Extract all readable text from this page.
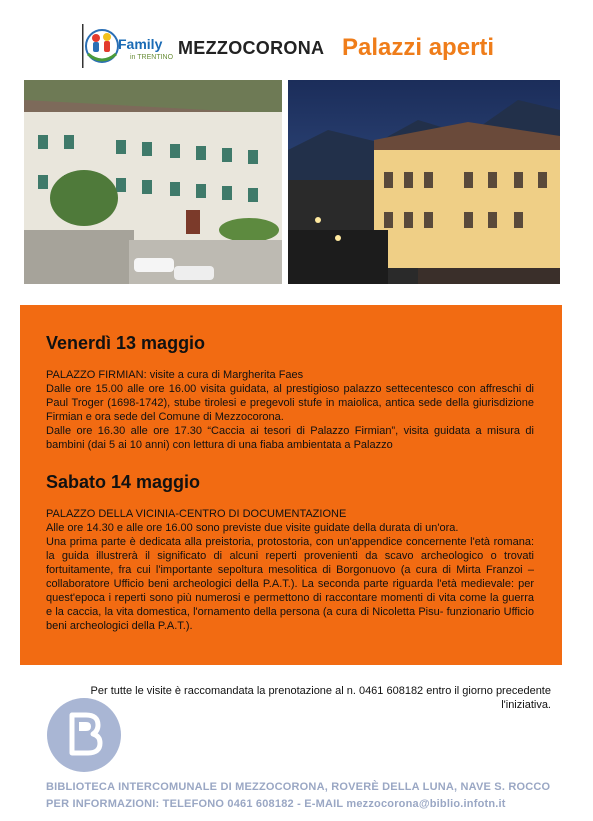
Family
in TRENTINO MEZZOCORONA Palazzi aperti

Venerdì 13 maggio

PALAZZO FIRMIAN: visite a cura di Margherita Faes

Dalle ore 15.00 alle ore 16.00 visita guidata, al prestigioso palazzo settecentesco con affreschi di Paul Troger (1698-1742), stube tirolesi e pregevoli stufe in maiolica, antica sede della giurisdizione Firmian e ora sede del Comune di Mezzocorona.

Dalle ore 16.30 alle ore 17.30 “Caccia ai tesori di Palazzo Firmian”, visita guidata a misura di bambini (dai 5 ai 10 anni) con lettura di una fiaba ambientata a Palazzo

Sabato 14 maggio

PALAZZO DELLA VICINIA-CENTRO DI DOCUMENTAZIONE

Alle ore 14.30 e alle ore 16.00 sono previste due visite guidate della durata di un'ora.

Una prima parte è dedicata alla preistoria, protostoria, con un'appendice concernente l'età romana: la guida illustrerà il significato di alcuni reperti provenienti da scavo archeologico o trovati fortuitamente, fra cui l'importante sepoltura mesolitica di Borgonuovo (a cura di Mirta Franzoi –collaboratore Ufficio beni archeologici della P.A.T.). La seconda parte riguarda l'età medievale: per quest'epoca i reperti sono più numerosi e permettono di raccontare momenti di vita come la guerra e la caccia, la vita domestica, l'ornamento della persona (a cura di Nicoletta Pisu- funzionario Ufficio beni archeologici della P.A.T.).

Per tutte le visite è raccomandata la prenotazione al n. 0461 608182 entro il giorno precedente l'iniziativa.
BIBLIOTECA INTERCOMUNALE DI MEZZOCORONA, ROVERÈ DELLA LUNA, NAVE S. ROCCO
PER INFORMAZIONI: TELEFONO 0461 608182 - E-MAIL mezzocorona@biblio.infotn.it
